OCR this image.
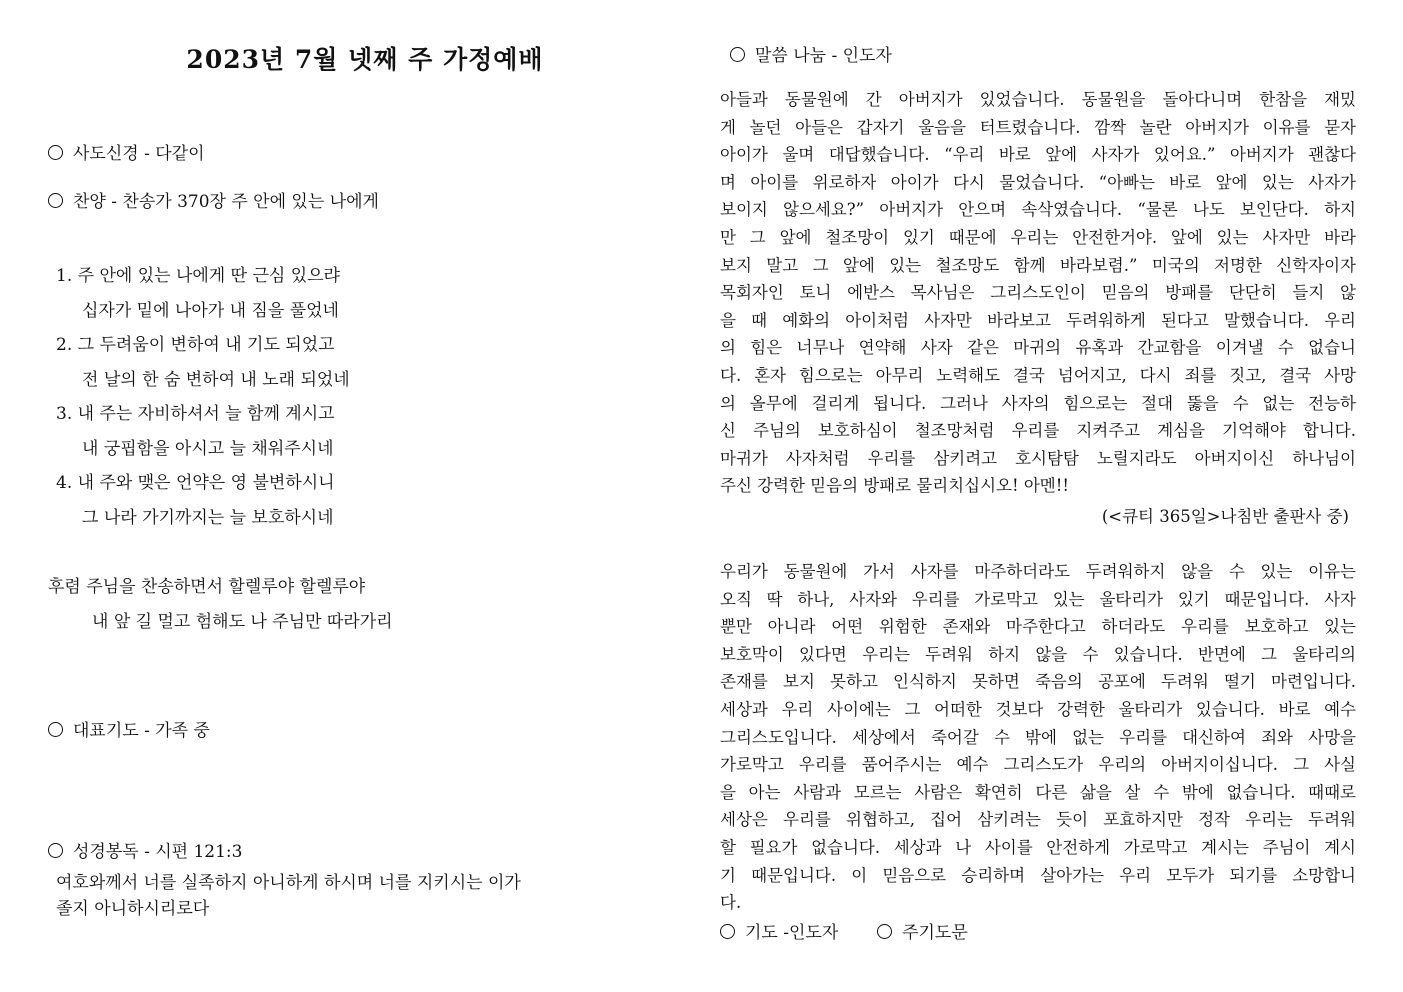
2023년 7월 넷째 주 가정예배
사도신경 - 다같이
찬양 - 찬송가 370장 주 안에 있는 나에게
1. 주 안에 있는 나에게 딴 근심 있으랴
십자가 밑에 나아가 내 짐을 풀었네
2. 그 두려움이 변하여 내 기도 되었고
전 날의 한 숨 변하여 내 노래 되었네
3. 내 주는 자비하셔서 늘 함께 계시고
내 궁핍함을 아시고 늘 채워주시네
4. 내 주와 맺은 언약은 영 불변하시니
그 나라 가기까지는 늘 보호하시네
후렴 주님을 찬송하면서 할렐루야 할렐루야
내 앞 길 멀고 험해도 나 주님만 따라가리
대표기도 - 가족 중
성경봉독 - 시편 121:3
여호와께서 너를 실족하지 아니하게 하시며 너를 지키시는 이가
졸지 아니하시리로다
말씀 나눔 - 인도자
아들과 동물원에 간 아버지가 있었습니다. 동물원을 돌아다니며 한참을 재밌
게 놀던 아들은 갑자기 울음을 터트렸습니다. 깜짝 놀란 아버지가 이유를 묻자
아이가 울며 대답했습니다. “우리 바로 앞에 사자가 있어요.” 아버지가 괜찮다
며 아이를 위로하자 아이가 다시 물었습니다. “아빠는 바로 앞에 있는 사자가
보이지 않으세요?” 아버지가 안으며 속삭였습니다. “물론 나도 보인단다. 하지
만 그 앞에 철조망이 있기 때문에 우리는 안전한거야. 앞에 있는 사자만 바라
보지 말고 그 앞에 있는 철조망도 함께 바라보렴.” 미국의 저명한 신학자이자
목회자인 토니 에반스 목사님은 그리스도인이 믿음의 방패를 단단히 들지 않
을 때 예화의 아이처럼 사자만 바라보고 두려워하게 된다고 말했습니다. 우리
의 힘은 너무나 연약해 사자 같은 마귀의 유혹과 간교함을 이겨낼 수 없습니
다. 혼자 힘으로는 아무리 노력해도 결국 넘어지고, 다시 죄를 짓고, 결국 사망
의 올무에 걸리게 됩니다. 그러나 사자의 힘으로는 절대 뚫을 수 없는 전능하
신 주님의 보호하심이 철조망처럼 우리를 지켜주고 계심을 기억해야 합니다.
마귀가 사자처럼 우리를 삼키려고 호시탐탐 노릴지라도 아버지이신 하나님이
주신 강력한 믿음의 방패로 물리치십시오! 아멘!!
(<큐티 365일>나침반 출판사 중)
우리가 동물원에 가서 사자를 마주하더라도 두려워하지 않을 수 있는 이유는
오직 딱 하나, 사자와 우리를 가로막고 있는 울타리가 있기 때문입니다. 사자
뿐만 아니라 어떤 위험한 존재와 마주한다고 하더라도 우리를 보호하고 있는
보호막이 있다면 우리는 두려워 하지 않을 수 있습니다. 반면에 그 울타리의
존재를 보지 못하고 인식하지 못하면 죽음의 공포에 두려워 떨기 마련입니다.
세상과 우리 사이에는 그 어떠한 것보다 강력한 울타리가 있습니다. 바로 예수
그리스도입니다. 세상에서 죽어갈 수 밖에 없는 우리를 대신하여 죄와 사망을
가로막고 우리를 품어주시는 예수 그리스도가 우리의 아버지이십니다. 그 사실
을 아는 사람과 모르는 사람은 확연히 다른 삶을 살 수 밖에 없습니다. 때때로
세상은 우리를 위협하고, 집어 삼키려는 듯이 포효하지만 정작 우리는 두려워
할 필요가 없습니다. 세상과 나 사이를 안전하게 가로막고 계시는 주님이 계시
기 때문입니다. 이 믿음으로 승리하며 살아가는 우리 모두가 되기를 소망합니
다.
기도 -인도자	주기도문
